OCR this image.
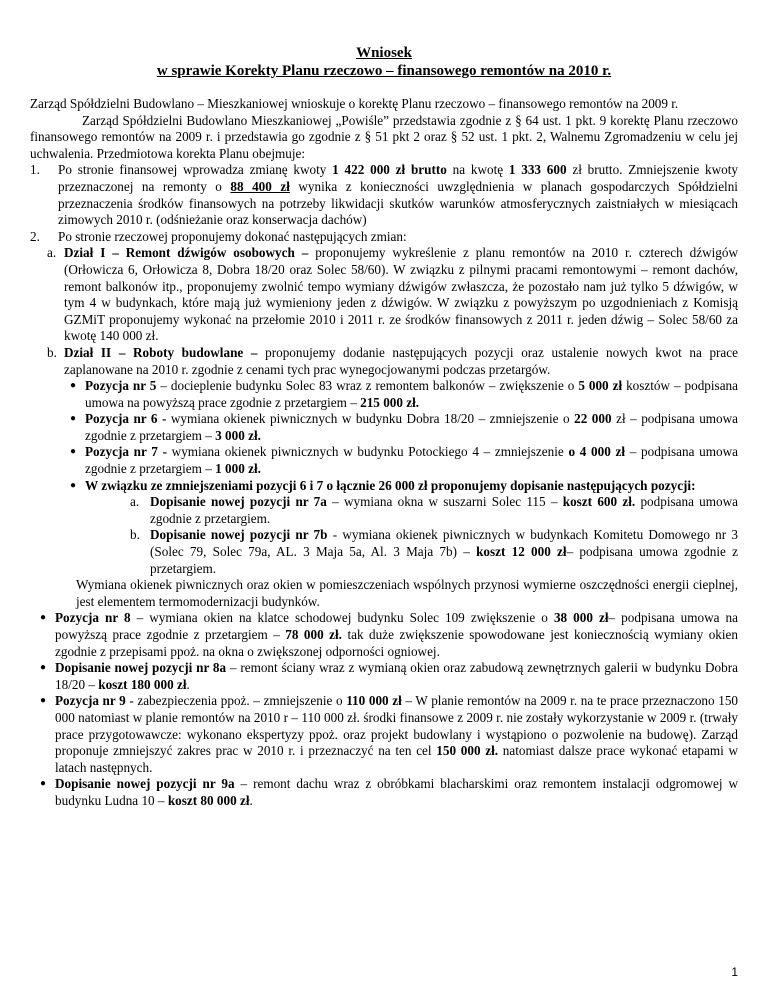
Wniosek
w sprawie Korekty Planu rzeczowo – finansowego remontów na 2010 r.

Zarząd Spółdzielni Budowlano – Mieszkaniowej wnioskuje o korektę Planu rzeczowo – finansowego remontów na 2009 r.

Zarząd Spółdzielni Budowlano Mieszkaniowej „Powiśle” przedstawia zgodnie z § 64 ust. 1 pkt. 9 korektę Planu rzeczowo finansowego remontów na 2009 r. i przedstawia go zgodnie z § 51 pkt 2 oraz § 52 ust. 1 pkt. 2, Walnemu Zgromadzeniu w celu jej uchwalenia. Przedmiotowa korekta Planu obejmuje:

1.	Po stronie finansowej wprowadza zmianę kwoty 1 422 000 zł brutto na kwotę 1 333 600 zł brutto. Zmniejszenie kwoty przeznaczonej na remonty o 88 400 zł wynika z konieczności uwzględnienia w planach gospodarczych Spółdzielni przeznaczenia środków finansowych na potrzeby likwidacji skutków warunków atmosferycznych zaistniałych w miesiącach zimowych 2010 r. (odśnieżanie oraz konserwacja dachów)
2.	Po stronie rzeczowej proponujemy dokonać następujących zmian:
a. Dział I – Remont dźwigów osobowych – proponujemy wykreślenie z planu remontów na 2010 r. czterech dźwigów (Orłowicza 6, Orłowicza 8, Dobra 18/20 oraz Solec 58/60). W związku z pilnymi pracami remontowymi – remont dachów, remont balkonów itp., proponujemy zwolnić tempo wymiany dźwigów zwłaszcza, że pozostało nam już tylko 5 dźwigów, w tym 4 w budynkach, które mają już wymieniony jeden z dźwigów. W związku z powyższym po uzgodnieniach z Komisją GZMiT proponujemy wykonać na przełomie 2010 i 2011 r. ze środków finansowych z 2011 r. jeden dźwig – Solec 58/60 za kwotę 140 000 zł.
b. Dział II – Roboty budowlane – proponujemy dodanie następujących pozycji oraz ustalenie nowych kwot na prace zaplanowane na 2010 r. zgodnie z cenami tych prac wynegocjowanymi podczas przetargów.
● Pozycja nr 5 – docieplenie budynku Solec 83 wraz z remontem balkonów – zwiększenie o 5 000 zł kosztów – podpisana umowa na powyższą prace zgodnie z przetargiem – 215 000 zł.
● Pozycja nr 6 - wymiana okienek piwnicznych w budynku Dobra 18/20 – zmniejszenie o 22 000 zł – podpisana umowa zgodnie z przetargiem – 3 000 zł.
● Pozycja nr 7 - wymiana okienek piwnicznych w budynku Potockiego 4 – zmniejszenie o 4 000 zł – podpisana umowa zgodnie z przetargiem – 1 000 zł.
● W związku ze zmniejszeniami pozycji 6 i 7 o łącznie 26 000 zł proponujemy dopisanie następujących pozycji:
a. Dopisanie nowej pozycji nr 7a – wymiana okna w suszarni Solec 115 – koszt 600 zł. podpisana umowa zgodnie z przetargiem.
b. Dopisanie nowej pozycji nr 7b - wymiana okienek piwnicznych w budynkach Komitetu Domowego nr 3 (Solec 79, Solec 79a, AL. 3 Maja 5a, Al. 3 Maja 7b) – koszt 12 000 zł– podpisana umowa zgodnie z przetargiem.

Wymiana okienek piwnicznych oraz okien w pomieszczeniach wspólnych przynosi wymierne oszczędności energii cieplnej, jest elementem termomodernizacji budynków.

● Pozycja nr 8 – wymiana okien na klatce schodowej budynku Solec 109 zwiększenie o 38 000 zł– podpisana umowa na powyższą prace zgodnie z przetargiem – 78 000 zł. tak duże zwiększenie spowodowane jest koniecznością wymiany okien zgodnie z przepisami ppoż. na okna o zwiększonej odporności ogniowej.
● Dopisanie nowej pozycji nr 8a – remont ściany wraz z wymianą okien oraz zabudową zewnętrznych galerii w budynku Dobra 18/20 – koszt 180 000 zł.
● Pozycja nr 9 - zabezpieczenia ppoż. – zmniejszenie o 110 000 zł – W planie remontów na 2009 r. na te prace przeznaczono 150 000 natomiast w planie remontów na 2010 r – 110 000 zł. środki finansowe z 2009 r. nie zostały wykorzystanie w 2009 r. (trwały prace przygotowawcze: wykonano ekspertyzy ppoż. oraz projekt budowlany i wystąpiono o pozwolenie na budowę). Zarząd proponuje zmniejszyć zakres prac w 2010 r. i przeznaczyć na ten cel 150 000 zł. natomiast dalsze prace wykonać etapami w latach następnych.
● Dopisanie nowej pozycji nr 9a – remont dachu wraz z obróbkami blacharskimi oraz remontem instalacji odgromowej w budynku Ludna 10 – koszt 80 000 zł.
1
